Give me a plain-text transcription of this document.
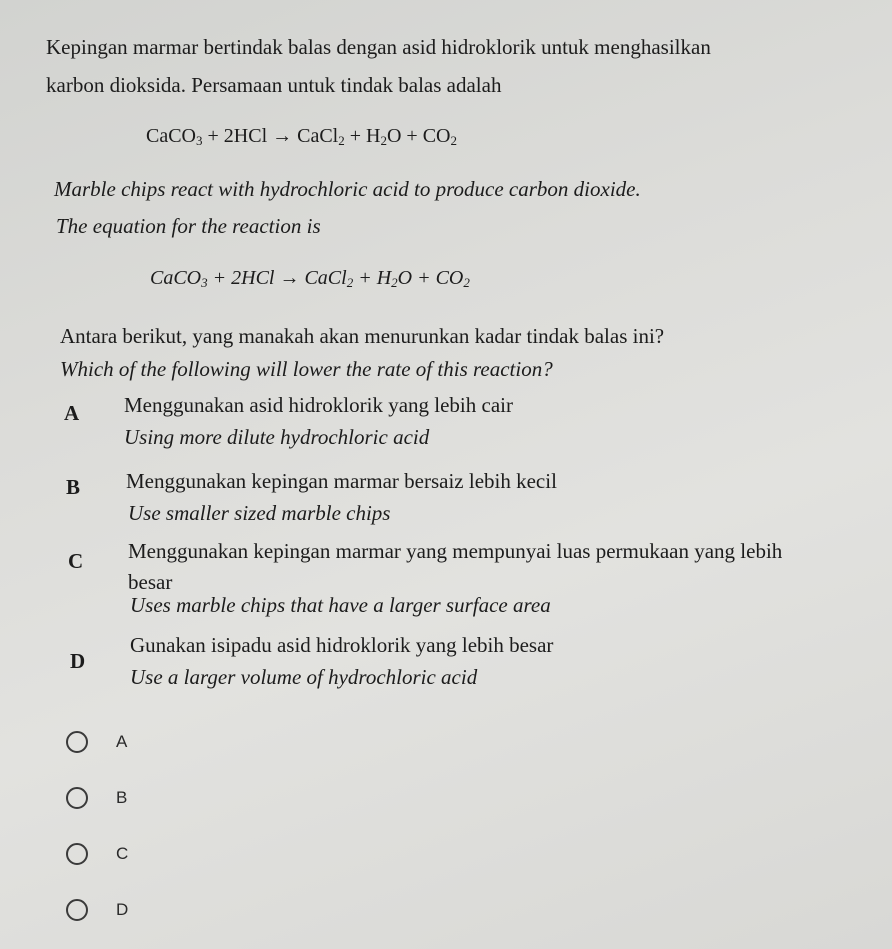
Kepingan marmar bertindak balas dengan asid hidroklorik untuk menghasilkan
karbon dioksida. Persamaan untuk tindak balas adalah
CaCO$_3$ + 2HCl → CaCl$_2$ + $H_2O + CO_2$
Marble chips react with hydrochloric acid to produce carbon dioxide.
The equation for the reaction is
CaCO$_3$ + 2HCl → CaCl$_2$ + $H_2O + CO_2$
Antara berikut, yang manakah akan menurunkan kadar tindak balas ini?
Which of the following will lower the rate of this reaction?
A Menggunakan asid hidroklorik yang lebih cair
Using more dilute hydrochloric acid
B Menggunakan kepingan marmar bersaiz lebih kecil
Use smaller sized marble chips
C Menggunakan kepingan marmar yang mempunyai luas permukaan yang lebih
besar
Uses marble chips that have a larger surface area
D
Gunakan isipadu asid hidroklorik yang lebih besar
Use a larger volume of hydrochloric acid
A
B
C
D
